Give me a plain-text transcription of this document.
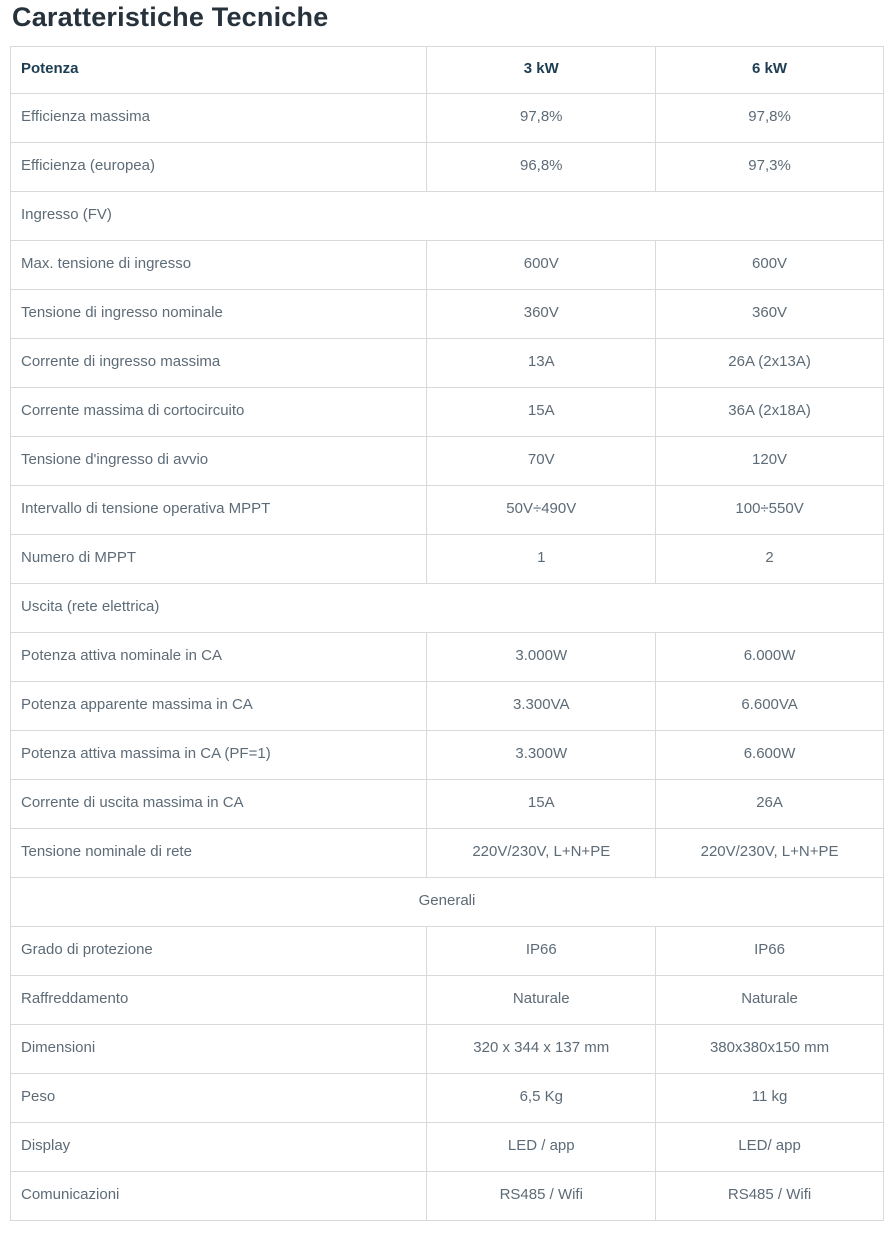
Caratteristiche Tecniche
Potenza	3 kW	6 kW
Efficienza massima	97,8%	97,8%
Efficienza (europea)	96,8%	97,3%
Ingresso (FV)		
Max. tensione di ingresso	600V	600V
Tensione di ingresso nominale	360V	360V
Corrente di ingresso massima	13A	26A (2x13A)
Corrente massima di cortocircuito	15A	36A (2x18A)
Tensione d'ingresso di avvio	70V	120V
Intervallo di tensione operativa MPPT	50V÷490V	100÷550V
Numero di MPPT	1	2
Uscita (rete elettrica)		
Potenza attiva nominale in CA	3.000W	6.000W
Potenza apparente massima in CA	3.300VA	6.600VA
Potenza attiva massima in CA (PF=1)	3.300W	6.600W
Corrente di uscita massima in CA	15A	26A
Tensione nominale di rete	220V/230V, L+N+PE	220V/230V, L+N+PE
Generali		
Grado di protezione	IP66	IP66
Raffreddamento	Naturale	Naturale
Dimensioni	320 x 344 x 137 mm	380x380x150 mm
Peso	6,5 Kg	11 kg
Display	LED / app	LED/ app
Comunicazioni	RS485 / Wifi	RS485 / Wifi
